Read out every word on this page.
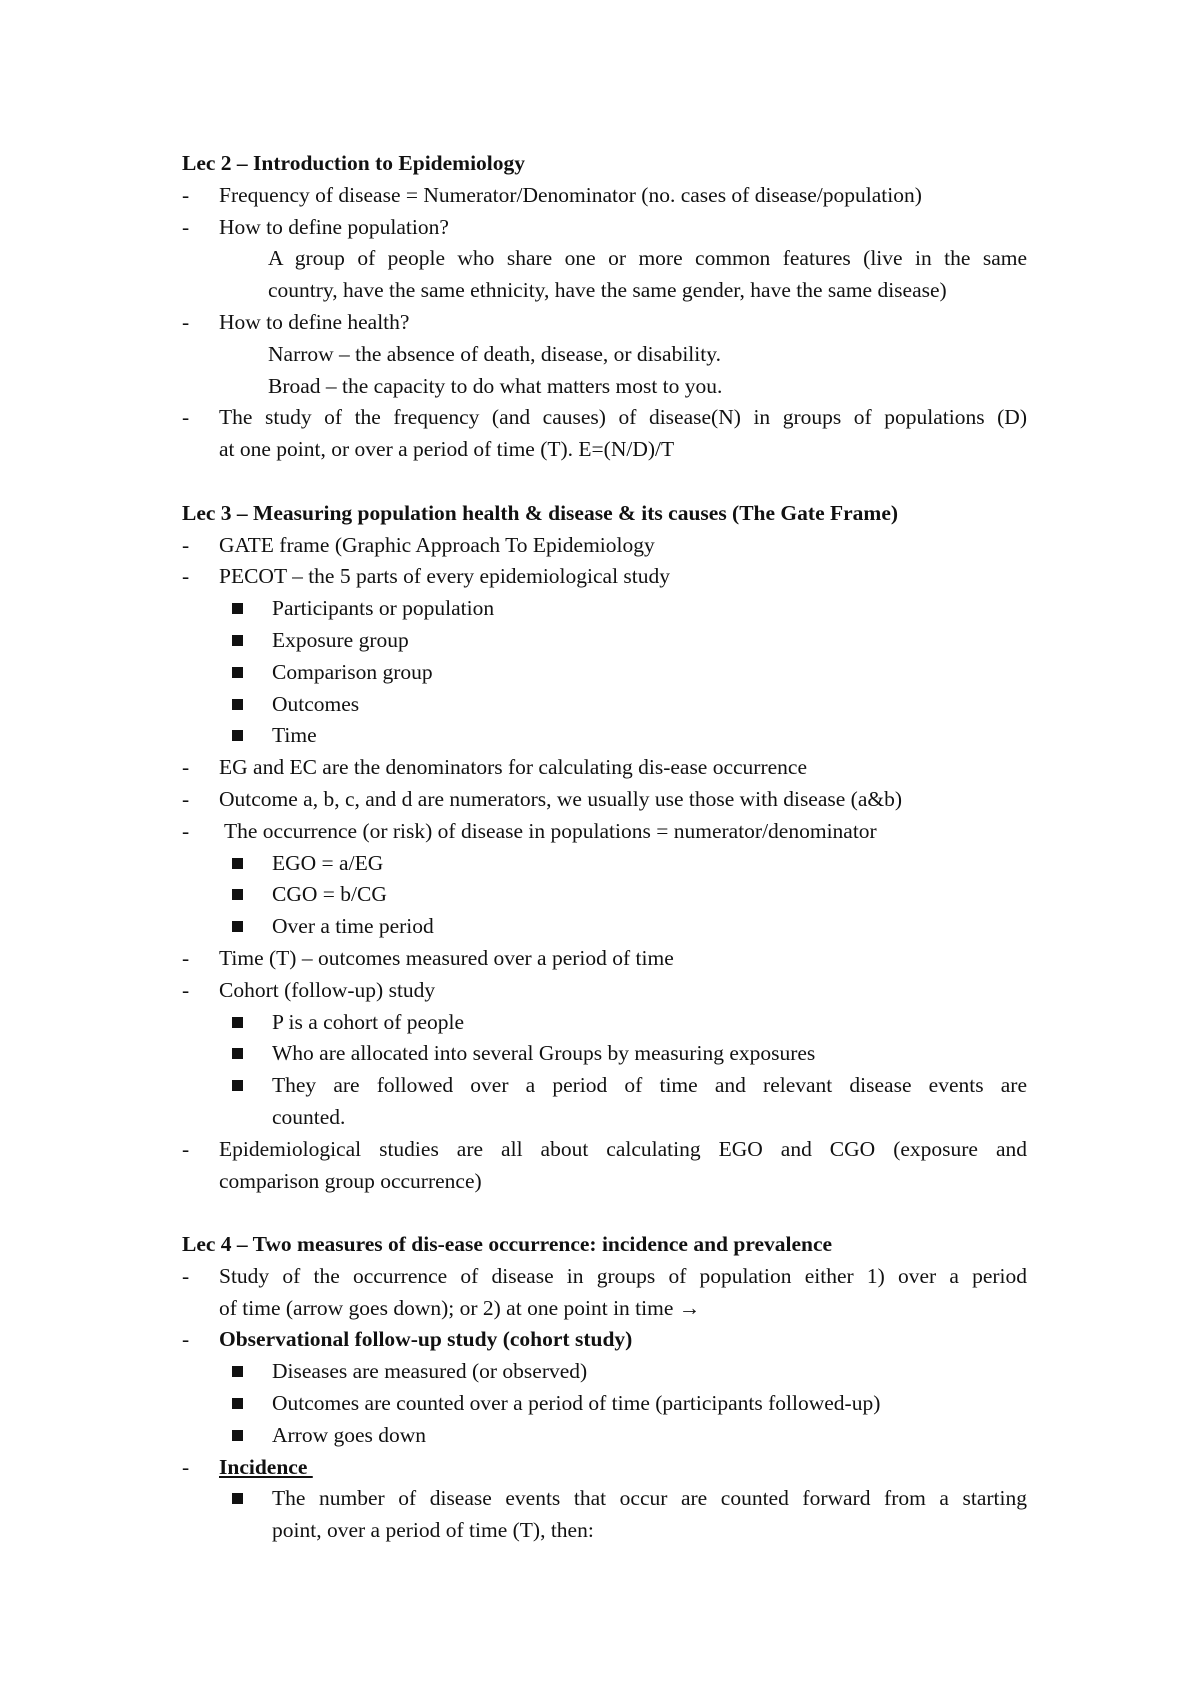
Lec 2 – Introduction to Epidemiology
-	Frequency of disease = Numerator/Denominator (no. cases of disease/population)
-	How to define population?
A group of people who share one or more common features (live in the same
country, have the same ethnicity, have the same gender, have the same disease)
-	How to define health?
Narrow – the absence of death, disease, or disability.
Broad – the capacity to do what matters most to you.
-	The study of the frequency (and causes) of disease(N) in groups of populations (D)
at one point, or over a period of time (T). E=(N/D)/T
Lec 3 – Measuring population health & disease & its causes (The Gate Frame)
-	GATE frame (Graphic Approach To Epidemiology
-	PECOT – the 5 parts of every epidemiological study
Participants or population
Exposure group
Comparison group
Outcomes
Time
-	EG and EC are the denominators for calculating dis-ease occurrence
-	Outcome a, b, c, and d are numerators, we usually use those with disease (a&b)
-	The occurrence (or risk) of disease in populations = numerator/denominator
EGO = a/EG
CGO = b/CG
Over a time period
-	Time (T) – outcomes measured over a period of time
-	Cohort (follow-up) study
P is a cohort of people
Who are allocated into several Groups by measuring exposures
They are followed over a period of time and relevant disease events are
counted.
-	Epidemiological studies are all about calculating EGO and CGO (exposure and
comparison group occurrence)
Lec 4 – Two measures of dis-ease occurrence: incidence and prevalence
-	Study of the occurrence of disease in groups of population either 1) over a period
of time (arrow goes down); or 2) at one point in time →
-	Observational follow-up study (cohort study)
Diseases are measured (or observed)
Outcomes are counted over a period of time (participants followed-up)
Arrow goes down
-	Incidence
The number of disease events that occur are counted forward from a starting
point, over a period of time (T), then:
